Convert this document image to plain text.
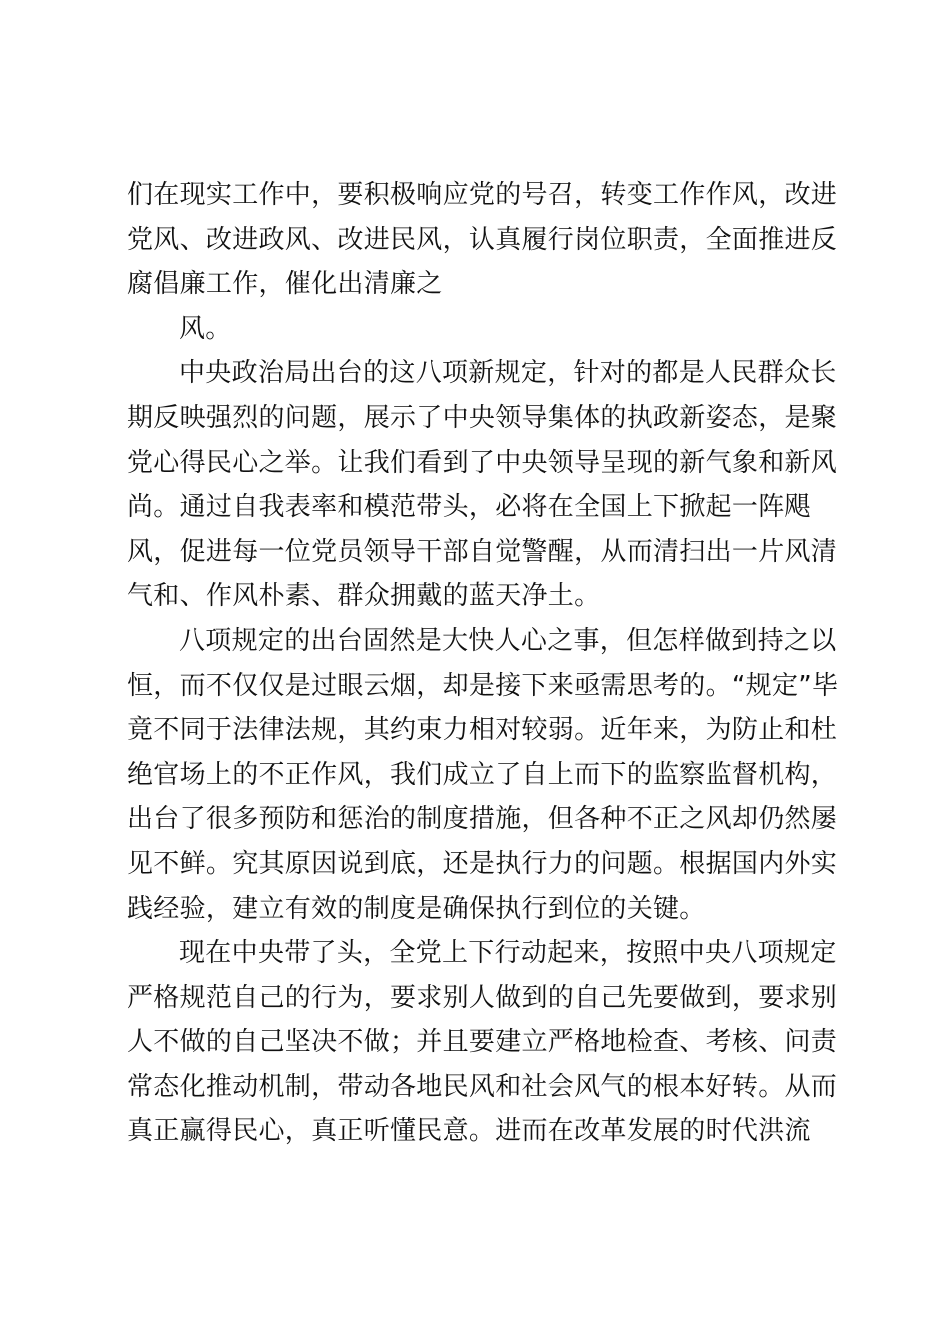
们在现实工作中，要积极响应党的号召，转变工作作风，改进
党风、改进政风、改进民风，认真履行岗位职责，全面推进反
腐倡廉工作，催化出清廉之

风。

中央政治局出台的这八项新规定，针对的都是人民群众长
期反映强烈的问题，展示了中央领导集体的执政新姿态，是聚
党心得民心之举。让我们看到了中央领导呈现的新气象和新风
尚。通过自我表率和模范带头，必将在全国上下掀起一阵飓
风，促进每一位党员领导干部自觉警醒，从而清扫出一片风清
气和、作风朴素、群众拥戴的蓝天净土。

八项规定的出台固然是大快人心之事，但怎样做到持之以
恒，而不仅仅是过眼云烟，却是接下来亟需思考的。“规定”毕
竟不同于法律法规，其约束力相对较弱。近年来，为防止和杜
绝官场上的不正作风，我们成立了自上而下的监察监督机构，
出台了很多预防和惩治的制度措施，但各种不正之风却仍然屡
见不鲜。究其原因说到底，还是执行力的问题。根据国内外实
践经验，建立有效的制度是确保执行到位的关键。

现在中央带了头，全党上下行动起来，按照中央八项规定
严格规范自己的行为，要求别人做到的自己先要做到，要求别
人不做的自己坚决不做；并且要建立严格地检查、考核、问责
常态化推动机制，带动各地民风和社会风气的根本好转。从而
真正赢得民心，真正听懂民意。进而在改革发展的时代洪流
